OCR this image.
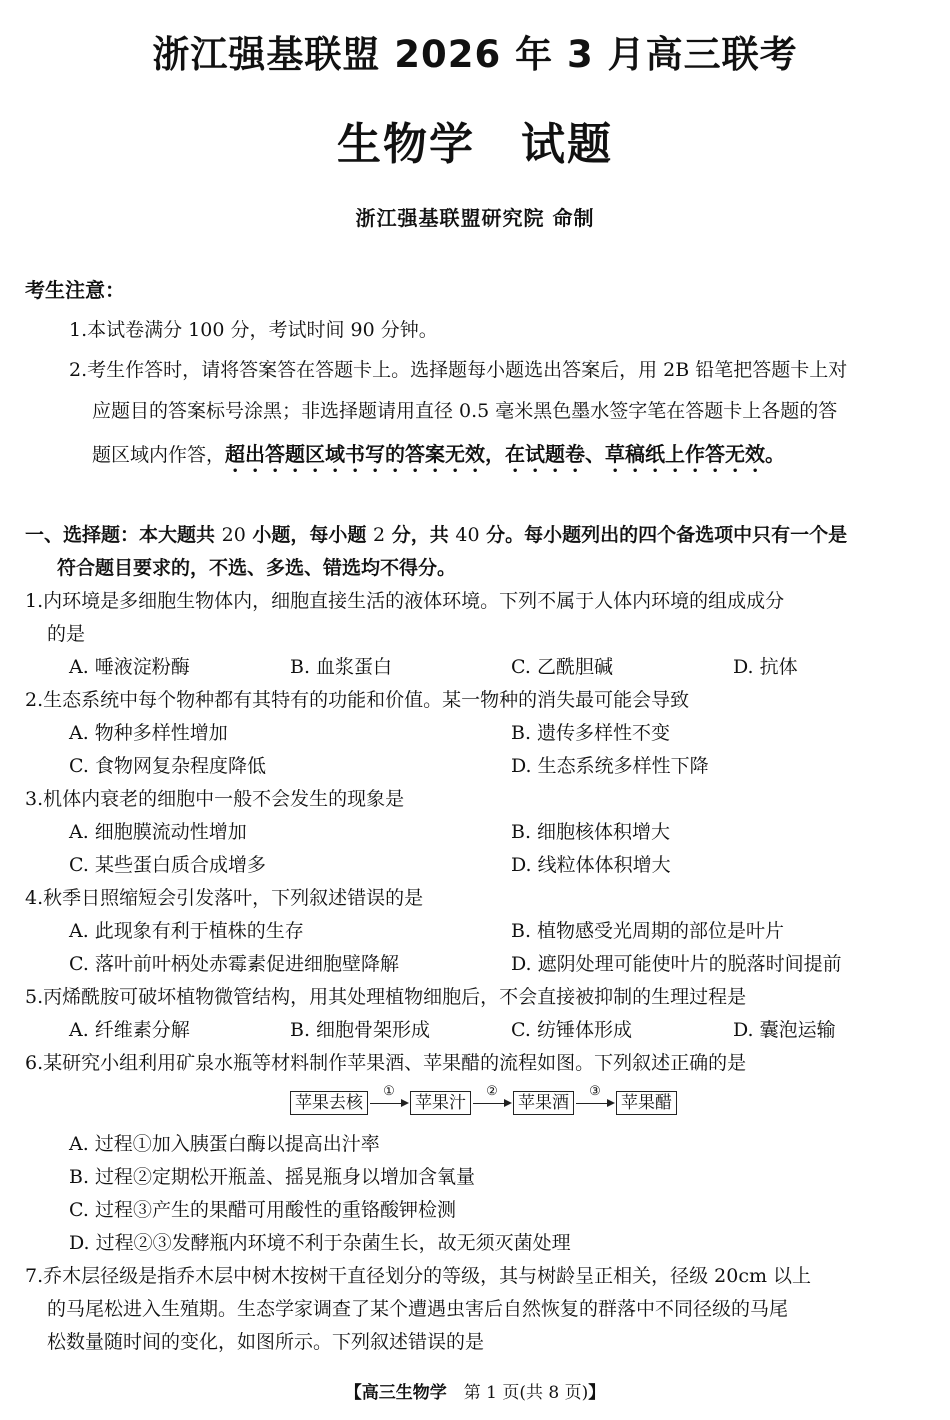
浙江强基联盟 2026 年 3 月高三联考
生物学　试题
浙江强基联盟研究院 命制
考生注意：
1.本试卷满分 100 分，考试时间 90 分钟。
2.考生作答时，请将答案答在答题卡上。选择题每小题选出答案后，用 2B 铅笔把答题卡上对
应题目的答案标号涂黑；非选择题请用直径 0.5 毫米黑色墨水签字笔在答题卡上各题的答
题区域内作答，超出答题区域书写的答案无效，在试题卷、草稿纸上作答无效。
一、选择题：本大题共 20 小题，每小题 2 分，共 40 分。每小题列出的四个备选项中只有一个是
符合题目要求的，不选、多选、错选均不得分。
1.内环境是多细胞生物体内，细胞直接生活的液体环境。下列不属于人体内环境的组成成分
的是
A. 唾液淀粉酶	B. 血浆蛋白	C. 乙酰胆碱	D. 抗体
2.生态系统中每个物种都有其特有的功能和价值。某一物种的消失最可能会导致
A. 物种多样性增加	B. 遗传多样性不变
C. 食物网复杂程度降低	D. 生态系统多样性下降
3.机体内衰老的细胞中一般不会发生的现象是
A. 细胞膜流动性增加	B. 细胞核体积增大
C. 某些蛋白质合成增多	D. 线粒体体积增大
4.秋季日照缩短会引发落叶，下列叙述错误的是
A. 此现象有利于植株的生存	B. 植物感受光周期的部位是叶片
C. 落叶前叶柄处赤霉素促进细胞壁降解	D. 遮阴处理可能使叶片的脱落时间提前
5.丙烯酰胺可破坏植物微管结构，用其处理植物细胞后，不会直接被抑制的生理过程是
A. 纤维素分解	B. 细胞骨架形成	C. 纺锤体形成	D. 囊泡运输
6.某研究小组利用矿泉水瓶等材料制作苹果酒、苹果醋的流程如图。下列叙述正确的是
苹果去核
①
苹果汁
②
苹果酒
③
苹果醋
A. 过程①加入胰蛋白酶以提高出汁率
B. 过程②定期松开瓶盖、摇晃瓶身以增加含氧量
C. 过程③产生的果醋可用酸性的重铬酸钾检测
D. 过程②③发酵瓶内环境不利于杂菌生长，故无须灭菌处理
7.乔木层径级是指乔木层中树木按树干直径划分的等级，其与树龄呈正相关，径级 20cm 以上
的马尾松进入生殖期。生态学家调查了某个遭遇虫害后自然恢复的群落中不同径级的马尾
松数量随时间的变化，如图所示。下列叙述错误的是
【高三生物学　第 1 页(共 8 页)】
